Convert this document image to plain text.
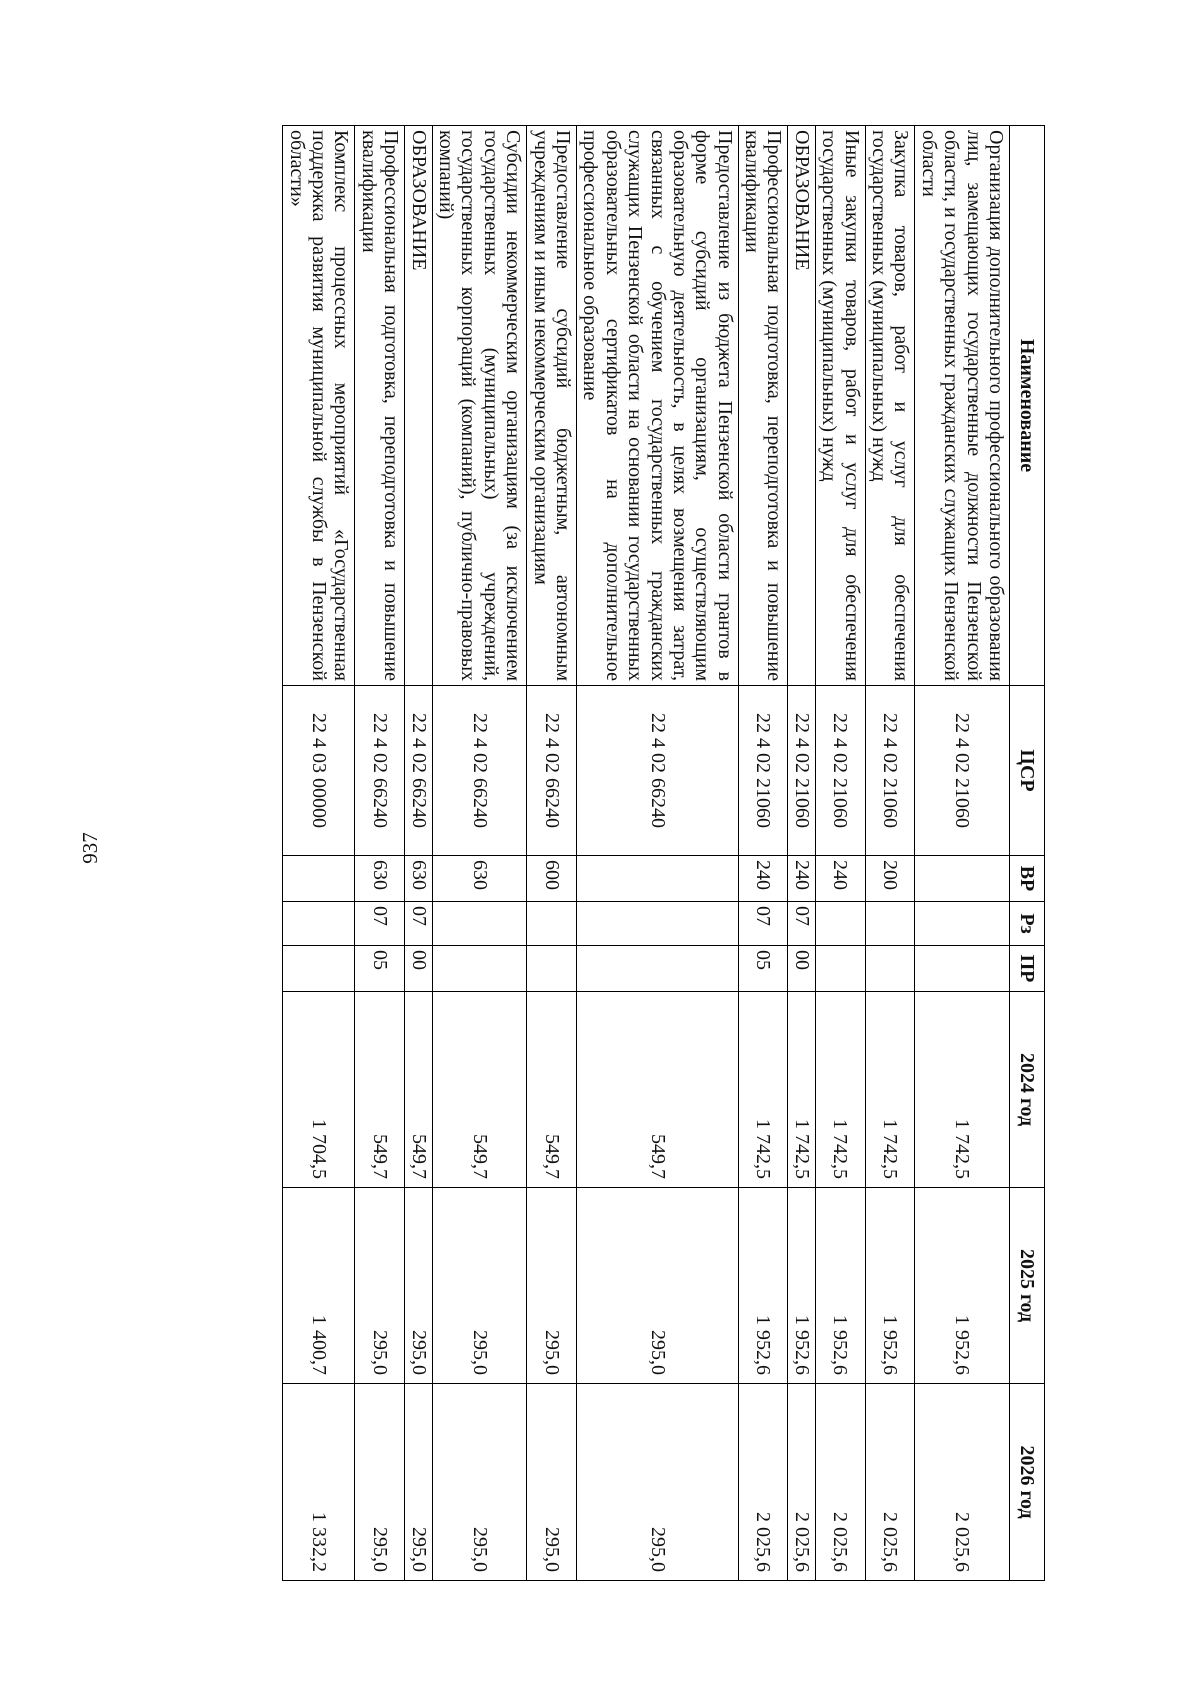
937
Наименование	ЦСР	ВР	Рз	ПР	2024 год	2025 год	2026 год
Организация дополнительного профессионального образования лиц, замещающих государственные должности Пензенской области, и государственных гражданских служащих Пензенской области	22 4 02 21060				1 742,5	1 952,6	2 025,6
Закупка товаров, работ и услуг для обеспечения государственных (муниципальных) нужд	22 4 02 21060	200			1 742,5	1 952,6	2 025,6
Иные закупки товаров, работ и услуг для обеспечения государственных (муниципальных) нужд	22 4 02 21060	240			1 742,5	1 952,6	2 025,6
ОБРАЗОВАНИЕ	22 4 02 21060	240	07	00	1 742,5	1 952,6	2 025,6
Профессиональная подготовка, переподготовка и повышение квалификации	22 4 02 21060	240	07	05	1 742,5	1 952,6	2 025,6
Предоставление из бюджета Пензенской области грантов в форме субсидий организациям, осуществляющим образовательную деятельность, в целях возмещения затрат, связанных с обучением государственных гражданских служащих Пензенской области на основании государственных образовательных сертификатов на дополнительное профессиональное образование	22 4 02 66240				549,7	295,0	295,0
Предоставление субсидий бюджетным, автономным учреждениям и иным некоммерческим организациям	22 4 02 66240	600			549,7	295,0	295,0
Субсидии некоммерческим организациям (за исключением государственных (муниципальных) учреждений, государственных корпораций (компаний), публично-правовых компаний)	22 4 02 66240	630			549,7	295,0	295,0
ОБРАЗОВАНИЕ	22 4 02 66240	630	07	00	549,7	295,0	295,0
Профессиональная подготовка, переподготовка и повышение квалификации	22 4 02 66240	630	07	05	549,7	295,0	295,0
Комплекс процессных мероприятий «Государственная поддержка развития муниципальной службы в Пензенской области»	22 4 03 00000				1 704,5	1 400,7	1 332,2
